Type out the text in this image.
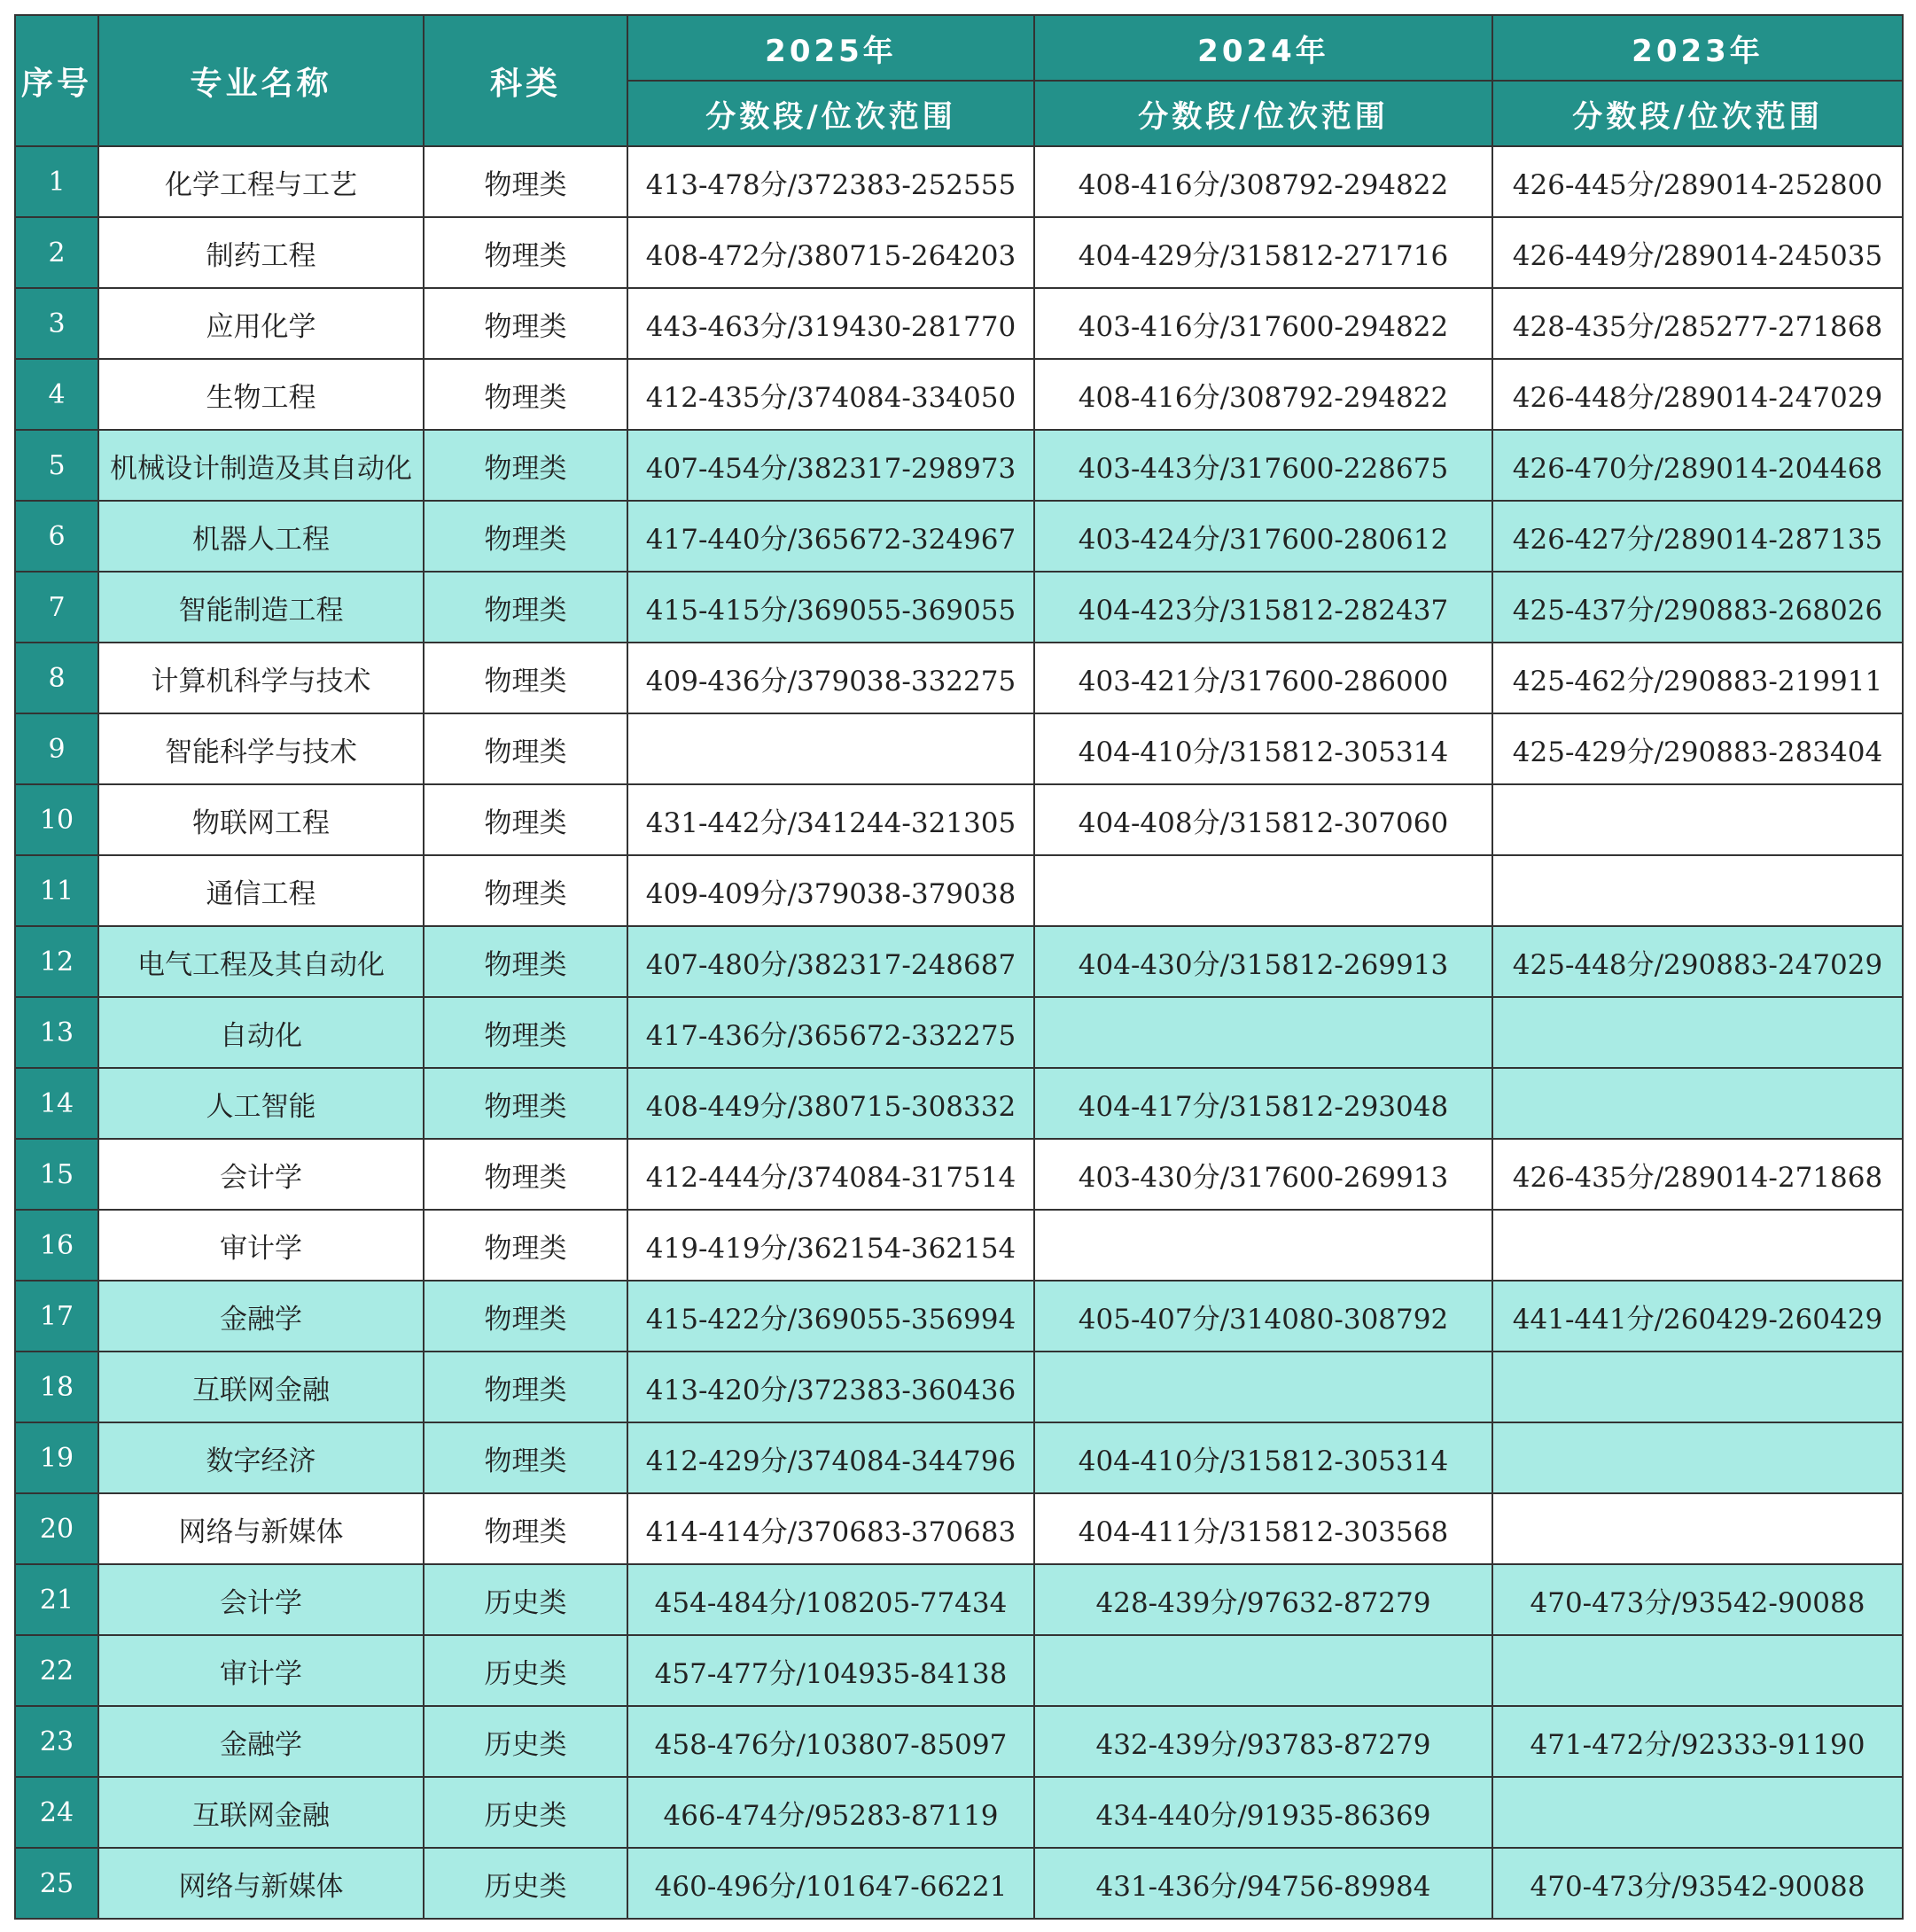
序号	专业名称	科类	2025年	2024年	2023年
			分数段/位次范围	分数段/位次范围	分数段/位次范围
1	化学工程与工艺	物理类	413-478分/372383-252555	408-416分/308792-294822	426-445分/289014-252800
2	制药工程	物理类	408-472分/380715-264203	404-429分/315812-271716	426-449分/289014-245035
3	应用化学	物理类	443-463分/319430-281770	403-416分/317600-294822	428-435分/285277-271868
4	生物工程	物理类	412-435分/374084-334050	408-416分/308792-294822	426-448分/289014-247029
5	机械设计制造及其自动化	物理类	407-454分/382317-298973	403-443分/317600-228675	426-470分/289014-204468
6	机器人工程	物理类	417-440分/365672-324967	403-424分/317600-280612	426-427分/289014-287135
7	智能制造工程	物理类	415-415分/369055-369055	404-423分/315812-282437	425-437分/290883-268026
8	计算机科学与技术	物理类	409-436分/379038-332275	403-421分/317600-286000	425-462分/290883-219911
9	智能科学与技术	物理类		404-410分/315812-305314	425-429分/290883-283404
10	物联网工程	物理类	431-442分/341244-321305	404-408分/315812-307060	
11	通信工程	物理类	409-409分/379038-379038		
12	电气工程及其自动化	物理类	407-480分/382317-248687	404-430分/315812-269913	425-448分/290883-247029
13	自动化	物理类	417-436分/365672-332275		
14	人工智能	物理类	408-449分/380715-308332	404-417分/315812-293048	
15	会计学	物理类	412-444分/374084-317514	403-430分/317600-269913	426-435分/289014-271868
16	审计学	物理类	419-419分/362154-362154		
17	金融学	物理类	415-422分/369055-356994	405-407分/314080-308792	441-441分/260429-260429
18	互联网金融	物理类	413-420分/372383-360436		
19	数字经济	物理类	412-429分/374084-344796	404-410分/315812-305314	
20	网络与新媒体	物理类	414-414分/370683-370683	404-411分/315812-303568	
21	会计学	历史类	454-484分/108205-77434	428-439分/97632-87279	470-473分/93542-90088
22	审计学	历史类	457-477分/104935-84138		
23	金融学	历史类	458-476分/103807-85097	432-439分/93783-87279	471-472分/92333-91190
24	互联网金融	历史类	466-474分/95283-87119	434-440分/91935-86369	
25	网络与新媒体	历史类	460-496分/101647-66221	431-436分/94756-89984	470-473分/93542-90088
